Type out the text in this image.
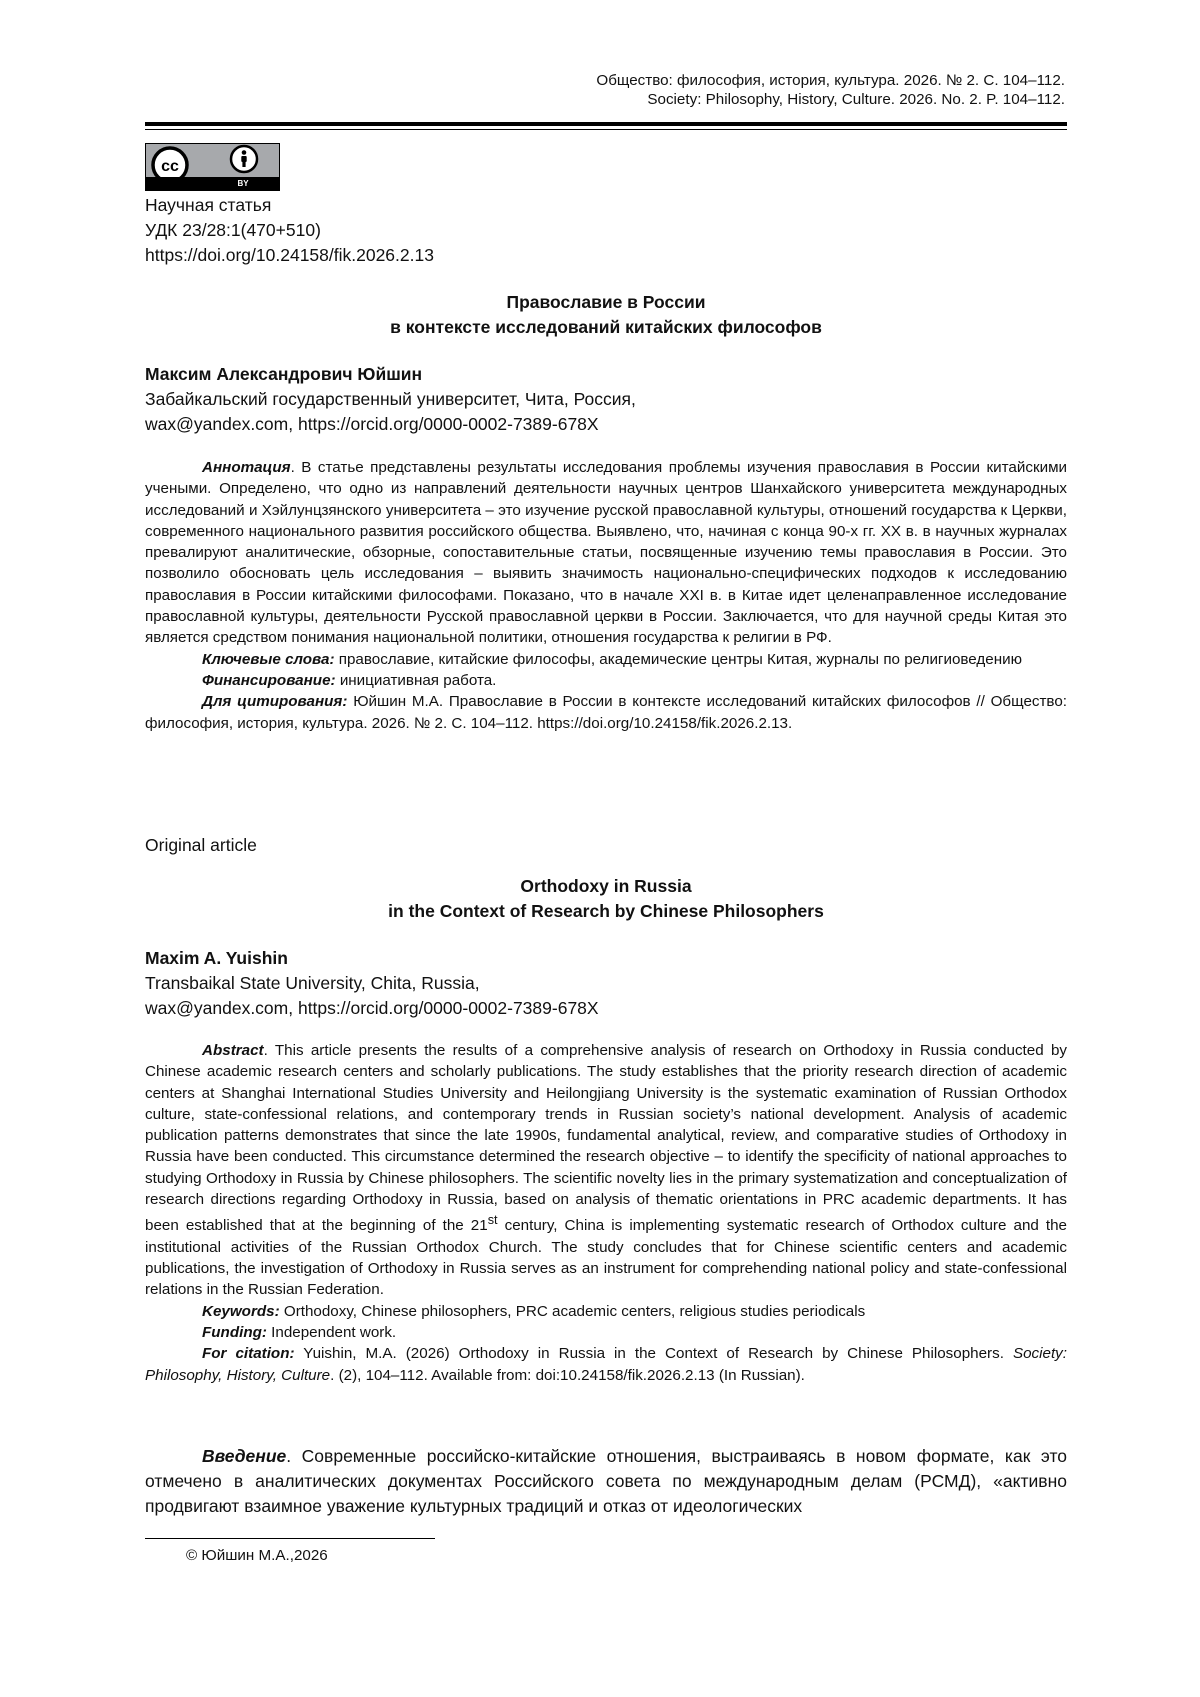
Общество: философия, история, культура. 2026. № 2. С. 104–112.
Society: Philosophy, History, Culture. 2026. No. 2. P. 104–112.
cc
BY
Научная статья
УДК 23/28:1(470+510)
https://doi.org/10.24158/fik.2026.2.13
Православие в России
в контексте исследований китайских философов
Максим Александрович Юйшин
Забайкальский государственный университет, Чита, Россия,
wax@yandex.com, https://orcid.org/0000-0002-7389-678X

Аннотация. В статье представлены результаты исследования проблемы изучения православия в России китайскими учеными. Определено, что одно из направлений деятельности научных центров Шанхайского университета международных исследований и Хэйлунцзянского университета – это изучение русской православной культуры, отношений государства к Церкви, современного национального развития российского общества. Выявлено, что, начиная с конца 90-х гг. XX в. в научных журналах превалируют аналитические, обзорные, сопоставительные статьи, посвященные изучению темы православия в России. Это позволило обосновать цель исследования – выявить значимость национально-специфических подходов к исследованию православия в России китайскими философами. Показано, что в начале XXI в. в Китае идет целенаправленное исследование православной культуры, деятельности Русской православной церкви в России. Заключается, что для научной среды Китая это является средством понимания национальной политики, отношения государства к религии в РФ.

Ключевые слова: православие, китайские философы, академические центры Китая, журналы по религиоведению

Финансирование: инициативная работа.

Для цитирования: Юйшин М.А. Православие в России в контексте исследований китайских философов // Общество: философия, история, культура. 2026. № 2. С. 104–112. https://doi.org/10.24158/fik.2026.2.13.

Original article
Orthodoxy in Russia
in the Context of Research by Chinese Philosophers
Maxim A. Yuishin
Transbaikal State University, Chita, Russia,
wax@yandex.com, https://orcid.org/0000-0002-7389-678X

Abstract. This article presents the results of a comprehensive analysis of research on Orthodoxy in Russia conducted by Chinese academic research centers and scholarly publications. The study establishes that the priority research direction of academic centers at Shanghai International Studies University and Heilongjiang University is the systematic examination of Russian Orthodox culture, state-confessional relations, and contemporary trends in Russian society’s national development. Analysis of academic publication patterns demonstrates that since the late 1990s, fundamental analytical, review, and comparative studies of Orthodoxy in Russia have been conducted. This circumstance determined the research objective – to identify the specificity of national approaches to studying Orthodoxy in Russia by Chinese philosophers. The scientific novelty lies in the primary systematization and conceptualization of research directions regarding Orthodoxy in Russia, based on analysis of thematic orientations in PRC academic departments. It has been established that at the beginning of the 21st century, China is implementing systematic research of Orthodox culture and the institutional activities of the Russian Orthodox Church. The study concludes that for Chinese scientific centers and academic publications, the investigation of Orthodoxy in Russia serves as an instrument for comprehending national policy and state-confessional relations in the Russian Federation.

Keywords: Orthodoxy, Chinese philosophers, PRC academic centers, religious studies periodicals

Funding: Independent work.

For citation: Yuishin, M.A. (2026) Orthodoxy in Russia in the Context of Research by Chinese Philosophers. Society: Philosophy, History, Culture. (2), 104–112. Available from: doi:10.24158/fik.2026.2.13 (In Russian).

Введение. Современные российско-китайские отношения, выстраиваясь в новом формате, как это отмечено в аналитических документах Российского совета по международным делам (РСМД), «активно продвигают взаимное уважение культурных традиций и отказ от идеологических

© Юйшин М.А.,2026
